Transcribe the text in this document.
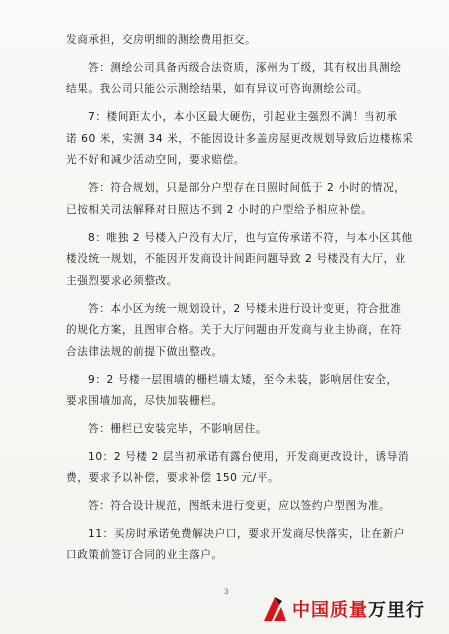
发商承担，交房明细的测绘费用拒交。
答：测绘公司具备丙级合法资质，涿州为丁级，其有权出具测绘
结果。我公司只能公示测绘结果，如有异议可咨询测绘公司。
7：楼间距太小，本小区最大硬伤，引起业主强烈不满！当初承
诺 60 米，实测 34 米，不能因设计多盖房屋更改规划导致后边楼栋采
光不好和减少活动空间，要求赔偿。
答：符合规划，只是部分户型存在日照时间低于 2 小时的情况，
已按相关司法解释对日照达不到 2 小时的户型给予相应补偿。
8：唯独 2 号楼入户没有大厅，也与宣传承诺不符，与本小区其他
楼没统一规划，不能因开发商设计间距问题导致 2 号楼没有大厅，业
主强烈要求必须整改。
答：本小区为统一规划设计，2 号楼未进行设计变更，符合批准
的规化方案，且图审合格。关于大厅问题由开发商与业主协商，在符
合法律法规的前提下做出整改。
9：2 号楼一层围墙的栅栏墙太矮，至今未装，影响居住安全，
要求围墙加高，尽快加装栅栏。
答：栅栏已安装完毕，不影响居住。
10：2 号楼 2 层当初承诺有露台使用，开发商更改设计，诱导消
费，要求予以补偿，要求补偿 150 元/平。
答：符合设计规范，图纸未进行变更，应以签约户型图为准。
11：买房时承诺免费解决户口，要求开发商尽快落实，让在新户
口政策前签订合同的业主落户。
3
中国质量万里行
